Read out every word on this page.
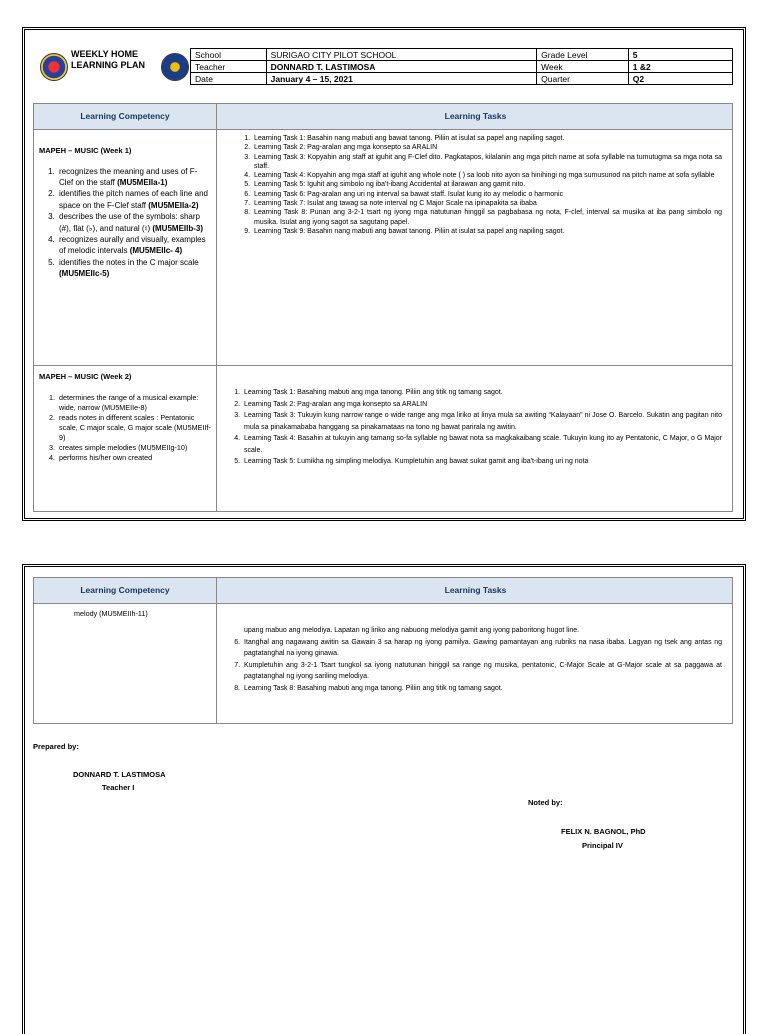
WEEKLY HOME LEARNING PLAN
School	SURIGAO CITY PILOT SCHOOL	Grade Level	5
Teacher	DONNARD T. LASTIMOSA	Week	1 &2
Date	January 4 – 15, 2021	Quarter	Q2
Learning Competency	Learning Tasks
MAPEH – MUSIC (Week 1)
1. recognizes the meaning and uses of F-Clef on the staff (MU5MEIIa-1)
2. identifies the pitch names of each line and space on the F-Clef staff (MU5MEIIa-2)
3. describes the use of the symbols: sharp (#), flat (♭), and natural (♮) (MU5MEIIb-3)
4. recognizes aurally and visually, examples of melodic intervals (MU5MEIIc- 4)
5. identifies the notes in the C major scale (MU5MEIIc-5)
1. Learning Task 1: Basahin nang mabuti ang bawat tanong. Piliin at isulat sa papel ang napiling sagot.
2. Learning Task 2: Pag-aralan ang mga konsepto sa ARALIN
3. Learning Task 3: Kopyahin ang staff at iguhit ang F-Clef dito. Pagkatapos, kilalanin ang mga pitch name at sofa syllable na tumutugma sa mga nota sa staff.
4. Learning Task 4: Kopyahin ang mga staff at iguhit ang whole note ( ) sa loob nito ayon sa hinihingi ng mga sumusunod na pitch name at sofa syllable
5. Learning Task 5: Iguhit ang simbolo ng iba't-ibang Accidental at ilarawan ang gamit nito.
6. Learning Task 6: Pag-aralan ang uri ng interval sa bawat staff. Isulat kung ito ay melodic o harmonic
7. Learning Task 7: Isulat ang tawag sa note interval ng C Major Scale na ipinapakita sa ibaba
8. Learning Task 8: Punan ang 3-2-1 tsart ng iyong mga natutunan hinggil sa pagbabasa ng nota, F-clef, interval sa musika at iba pang simbolo ng musika. Isulat ang iyong sagot sa sagutang papel.
9. Learning Task 9: Basahin nang mabuti ang bawat tanong. Piliin at isulat sa papel ang napiling sagot.
MAPEH – MUSIC (Week 2)
1. determines the range of a musical example: wide, narrow (MU5MEIIe-8)
2. reads notes in different scales : Pentatonic scale, C major scale, G major scale (MU5MEIIf-9)
3. creates simple melodies (MU5MEIIg-10)
4. performs his/her own created
1. Learning Task 1: Basahing mabuti ang mga tanong. Piliin ang titik ng tamang sagot.
2. Learning Task 2: Pag-aralan ang mga konsepto sa ARALIN
3. Learning Task 3: Tukuyin kung narrow range o wide range ang mga liriko at linya mula sa awiting “Kalayaan” ni Jose O. Barcelo. Sukatin ang pagitan nito mula sa pinakamababa hanggang sa pinakamataas na tono ng bawat parirala ng awitin.
4. Learning Task 4: Basahin at tukuyin ang tamang so-fa syllable ng bawat nota sa magkakaibang scale. Tukuyin kung ito ay Pentatonic, C Major, o G Major scale.
5. Learning Task 5: Lumikha ng simpling melodiya. Kumpletuhin ang bawat sukat gamit ang iba't-ibang uri ng nota
Learning Competency	Learning Tasks
melody (MU5MEIIh-11)
upang mabuo ang melodiya. Lapatan ng liriko ang nabuong melodiya gamit ang iyong paboritong hugot line.
6. Itanghal ang nagawang awitin sa Gawain 3 sa harap ng iyong pamilya. Gawing pamantayan ang rubriks na nasa ibaba. Lagyan ng tsek ang antas ng pagtatanghal na iyong ginawa.
7. Kumpletuhin ang 3-2-1 Tsart tungkol sa iyong natutunan hinggil sa range ng musika, pentatonic, C-Major Scale at G-Major scale at sa paggawa at pagtatanghal ng iyong sariling melodiya.
8. Learning Task 8: Basahing mabuti ang mga tanong. Piliin ang titik ng tamang sagot.
Prepared by:
DONNARD T. LASTIMOSA
Teacher I
Noted by:
FELIX N. BAGNOL, PhD
Principal IV
